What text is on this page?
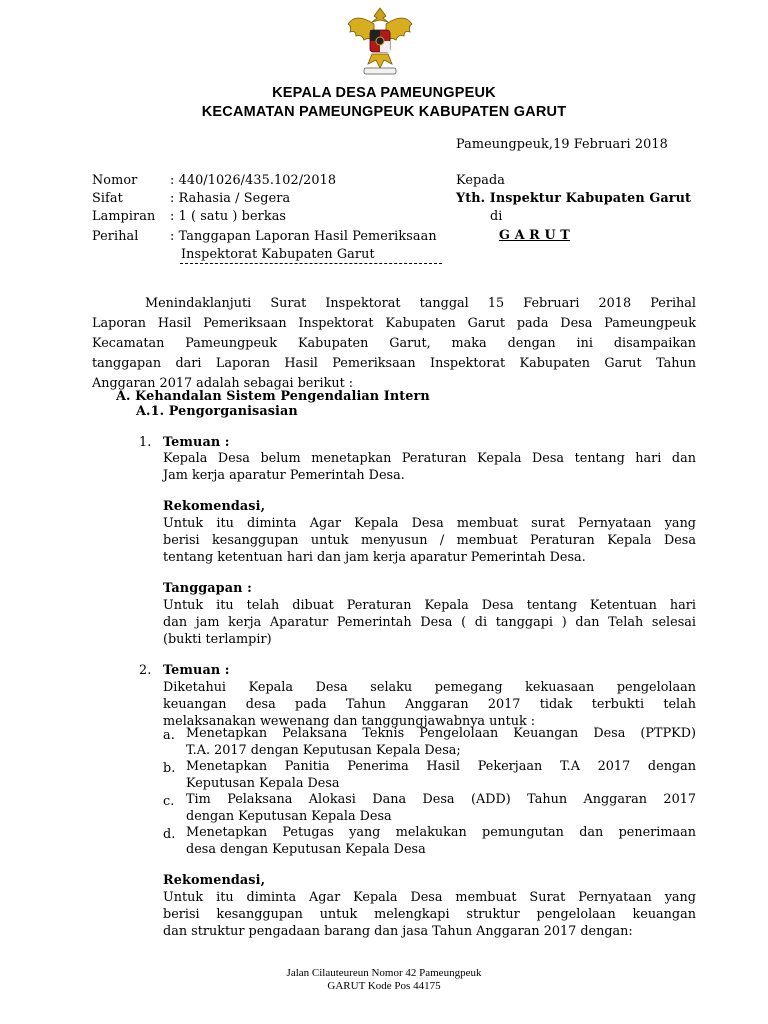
KEPALA DESA PAMEUNGPEUK
KECAMATAN PAMEUNGPEUK KABUPATEN GARUT
Pameungpeuk,19 Februari 2018
Nomor	: 440/1026/435.102/2018
Sifat	: Rahasia / Segera
Lampiran : 1 ( satu ) berkas
Perihal : Tanggapan Laporan Hasil Pemeriksaan
Inspektorat Kabupaten Garut
Kepada
Yth. Inspektur Kabupaten Garut
di
G A R U T
Menindaklanjuti Surat Inspektorat tanggal 15 Februari 2018 Perihal
Laporan Hasil Pemeriksaan Inspektorat Kabupaten Garut pada Desa Pameungpeuk
Kecamatan Pameungpeuk Kabupaten Garut, maka dengan ini disampaikan
tanggapan dari Laporan Hasil Pemeriksaan Inspektorat Kabupaten Garut Tahun
Anggaran 2017 adalah sebagai berikut :
A. Kehandalan Sistem Pengendalian Intern
A.1. Pengorganisasian
1. Temuan :
Kepala Desa belum menetapkan Peraturan Kepala Desa tentang hari dan
Jam kerja aparatur Pemerintah Desa.
Rekomendasi,
Untuk itu diminta Agar Kepala Desa membuat surat Pernyataan yang
berisi kesanggupan untuk menyusun / membuat Peraturan Kepala Desa
tentang ketentuan hari dan jam kerja aparatur Pemerintah Desa.
Tanggapan :
Untuk itu telah dibuat Peraturan Kepala Desa tentang Ketentuan hari
dan jam kerja Aparatur Pemerintah Desa ( di tanggapi ) dan Telah selesai
(bukti terlampir)
2. Temuan :
Diketahui Kepala Desa selaku pemegang kekuasaan pengelolaan
keuangan desa pada Tahun Anggaran 2017 tidak terbukti telah
melaksanakan wewenang dan tanggungjawabnya untuk :
a. Menetapkan Pelaksana Teknis Pengelolaan Keuangan Desa (PTPKD)
T.A. 2017 dengan Keputusan Kepala Desa;
b. Menetapkan Panitia Penerima Hasil Pekerjaan T.A 2017 dengan
Keputusan Kepala Desa
c. Tim Pelaksana Alokasi Dana Desa (ADD) Tahun Anggaran 2017
dengan Keputusan Kepala Desa
d. Menetapkan Petugas yang melakukan pemungutan dan penerimaan
desa dengan Keputusan Kepala Desa
Rekomendasi,
Untuk itu diminta Agar Kepala Desa membuat Surat Pernyataan yang
berisi kesanggupan untuk melengkapi struktur pengelolaan keuangan
dan struktur pengadaan barang dan jasa Tahun Anggaran 2017 dengan:
Jalan Cilauteureun Nomor 42 Pameungpeuk
GARUT Kode Pos 44175
